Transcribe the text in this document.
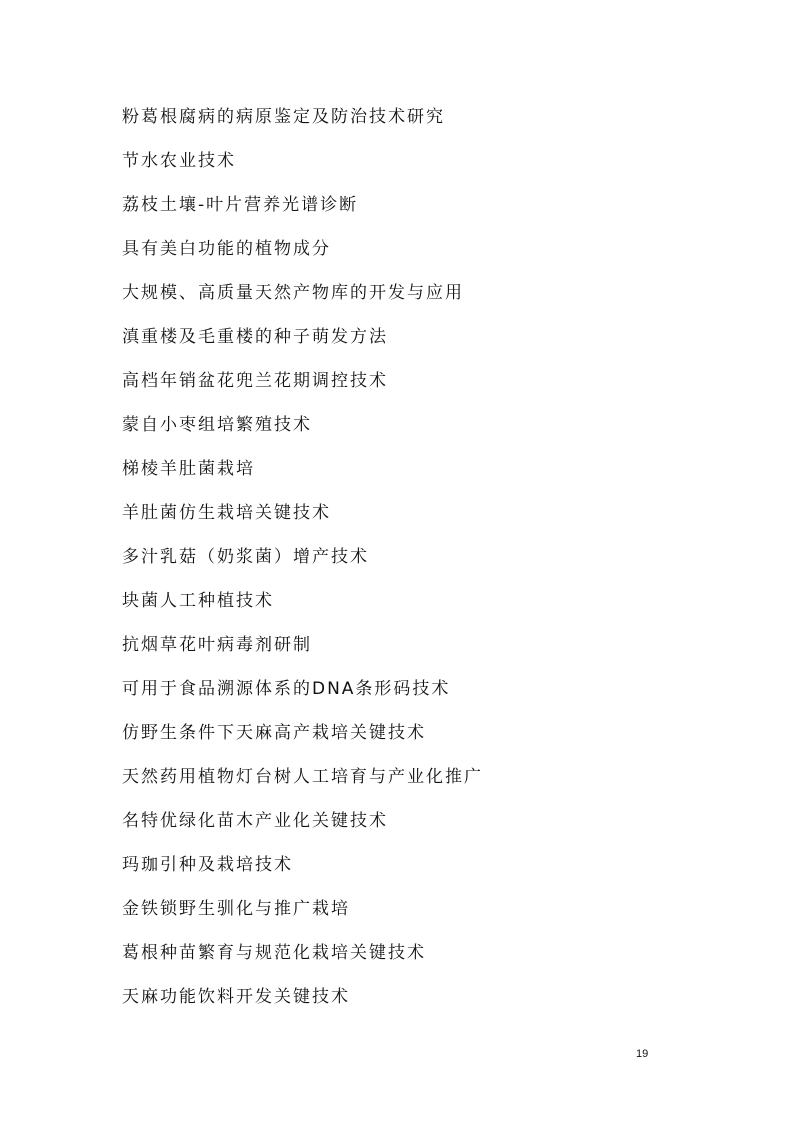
粉葛根腐病的病原鉴定及防治技术研究
节水农业技术
荔枝土壤-叶片营养光谱诊断
具有美白功能的植物成分
大规模、高质量天然产物库的开发与应用
滇重楼及毛重楼的种子萌发方法
高档年销盆花兜兰花期调控技术
蒙自小枣组培繁殖技术
梯棱羊肚菌栽培
羊肚菌仿生栽培关键技术
多汁乳菇（奶浆菌）增产技术
块菌人工种植技术
抗烟草花叶病毒剂研制
可用于食品溯源体系的DNA条形码技术
仿野生条件下天麻高产栽培关键技术
天然药用植物灯台树人工培育与产业化推广
名特优绿化苗木产业化关键技术
玛珈引种及栽培技术
金铁锁野生驯化与推广栽培
葛根种苗繁育与规范化栽培关键技术
天麻功能饮料开发关键技术
19
